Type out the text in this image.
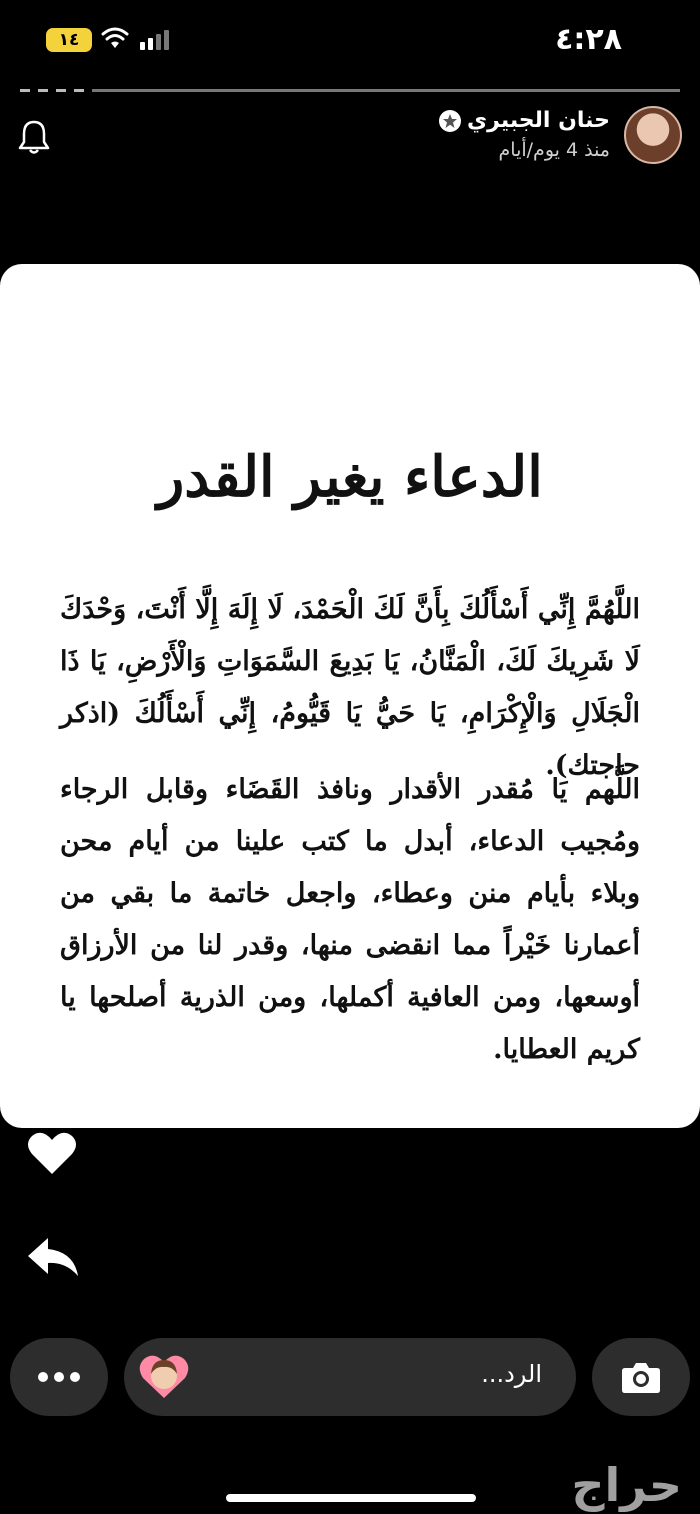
١٤	٤:٢٨
حنان الجبيري
منذ 4 يوم/أيام
الدعاء يغير القدر
اللَّهُمَّ إِنِّي أَسْأَلُكَ بِأَنَّ لَكَ الْحَمْدَ، لَا إِلَهَ إِلَّا أَنْتَ، وَحْدَكَ لَا شَرِيكَ لَكَ، الْمَنَّانُ، يَا بَدِيعَ السَّمَوَاتِ وَالْأَرْضِ، يَا ذَا الْجَلَالِ وَالْإِكْرَامِ، يَا حَيُّ يَا قَيُّومُ، إِنِّي أَسْأَلُكَ (اذكر حاجتك).
اللَّهم يَا مُقدر الأقدار ونافذ القَضَاء وقابل الرجاء ومُجيب الدعاء، أبدل ما كتب علينا من أيام محن وبلاء بأيام منن وعطاء، واجعل خاتمة ما بقي من أعمارنا خَيْراً مما انقضى منها، وقدر لنا من الأرزاق أوسعها، ومن العافية أكملها، ومن الذرية أصلحها يا كريم العطايا.
الرد...
حراج
